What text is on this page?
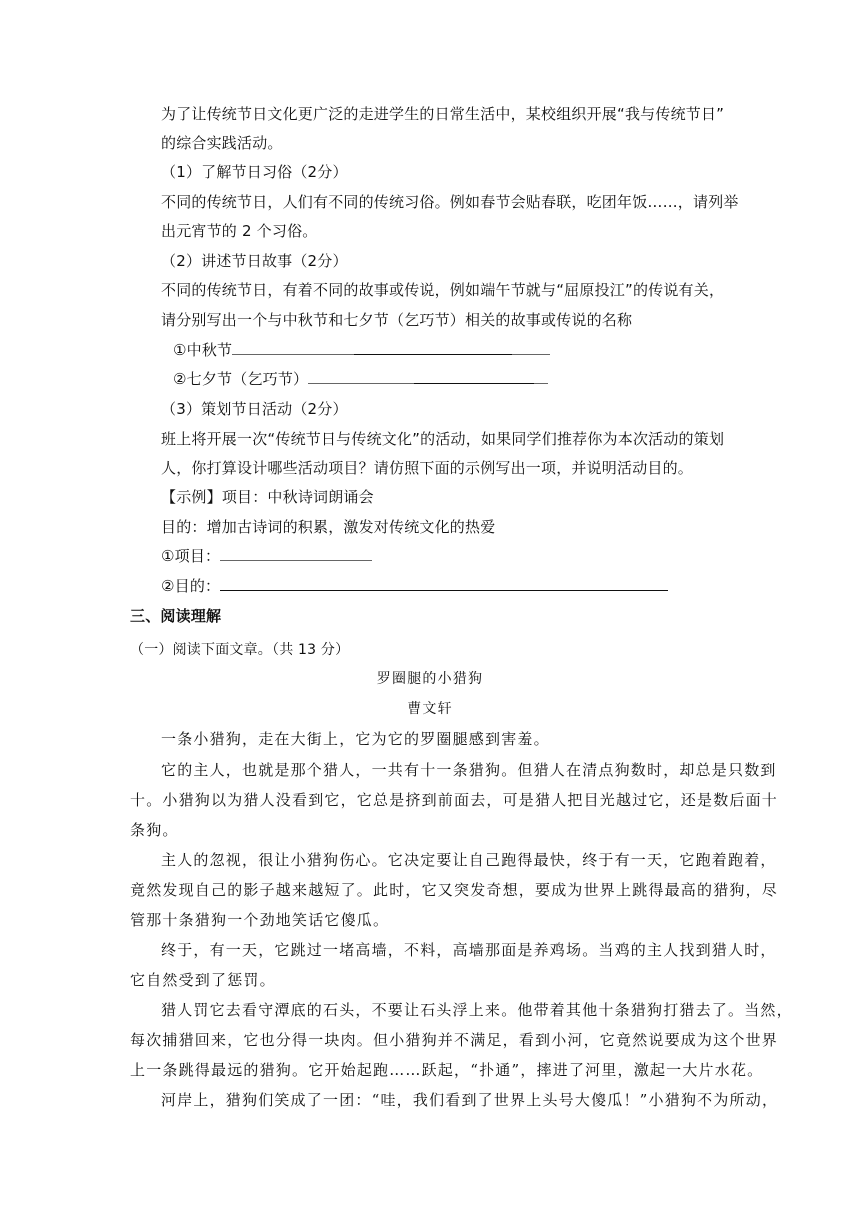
为了让传统节日文化更广泛的走进学生的日常生活中，某校组织开展“我与传统节日”
的综合实践活动。
（1）了解节日习俗（2分）
不同的传统节日，人们有不同的传统习俗。例如春节会贴春联，吃团年饭……，请列举
出元宵节的 2 个习俗。
（2）讲述节日故事（2分）
不同的传统节日，有着不同的故事或传说，例如端午节就与“屈原投江”的传说有关，
请分别写出一个与中秋节和七夕节（乞巧节）相关的故事或传说的名称
①中秋节
②七夕节（乞巧节）
（3）策划节日活动（2分）
班上将开展一次“传统节日与传统文化”的活动，如果同学们推荐你为本次活动的策划
人，你打算设计哪些活动项目？请仿照下面的示例写出一项，并说明活动目的。
【示例】项目：中秋诗词朗诵会
目的：增加古诗词的积累，激发对传统文化的热爱
①项目：
②目的：
三、阅读理解
（一）阅读下面文章。（共 13 分）
罗圈腿的小猎狗
曹文轩
一条小猎狗，走在大街上，它为它的罗圈腿感到害羞。
它的主人，也就是那个猎人，一共有十一条猎狗。但猎人在清点狗数时，却总是只数到
十。小猎狗以为猎人没看到它，它总是挤到前面去，可是猎人把目光越过它，还是数后面十
条狗。
主人的忽视，很让小猎狗伤心。它决定要让自己跑得最快，终于有一天，它跑着跑着，
竟然发现自己的影子越来越短了。此时，它又突发奇想，要成为世界上跳得最高的猎狗，尽
管那十条猎狗一个劲地笑话它傻瓜。
终于，有一天，它跳过一堵高墙，不料，高墙那面是养鸡场。当鸡的主人找到猎人时，
它自然受到了惩罚。
猎人罚它去看守潭底的石头，不要让石头浮上来。他带着其他十条猎狗打猎去了。当然，
每次捕猎回来，它也分得一块肉。但小猎狗并不满足，看到小河，它竟然说要成为这个世界
上一条跳得最远的猎狗。它开始起跑……跃起，“扑通”，摔进了河里，激起一大片水花。
河岸上，猎狗们笑成了一团：“哇，我们看到了世界上头号大傻瓜！”小猎狗不为所动，
